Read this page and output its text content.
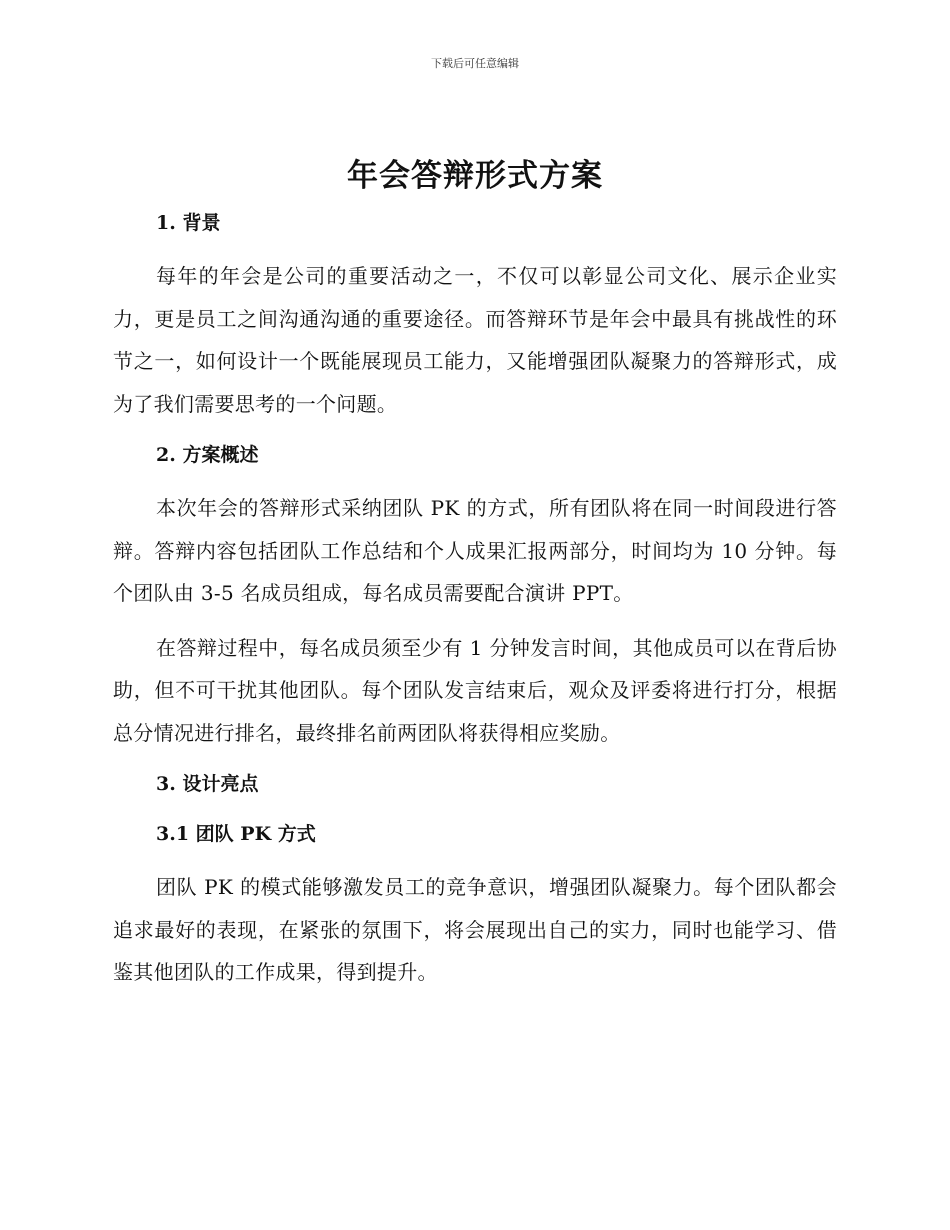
下载后可任意编辑
年会答辩形式方案
1. 背景

每年的年会是公司的重要活动之一，不仅可以彰显公司文化、展示企业实力，更是员工之间沟通沟通的重要途径。而答辩环节是年会中最具有挑战性的环节之一，如何设计一个既能展现员工能力，又能增强团队凝聚力的答辩形式，成为了我们需要思考的一个问题。

2. 方案概述

本次年会的答辩形式采纳团队 PK 的方式，所有团队将在同一时间段进行答辩。答辩内容包括团队工作总结和个人成果汇报两部分，时间均为 10 分钟。每个团队由 3-5 名成员组成，每名成员需要配合演讲 PPT。

在答辩过程中，每名成员须至少有 1 分钟发言时间，其他成员可以在背后协助，但不可干扰其他团队。每个团队发言结束后，观众及评委将进行打分，根据总分情况进行排名，最终排名前两团队将获得相应奖励。

3. 设计亮点
3.1 团队 PK 方式

团队 PK 的模式能够激发员工的竞争意识，增强团队凝聚力。每个团队都会追求最好的表现，在紧张的氛围下，将会展现出自己的实力，同时也能学习、借鉴其他团队的工作成果，得到提升。
